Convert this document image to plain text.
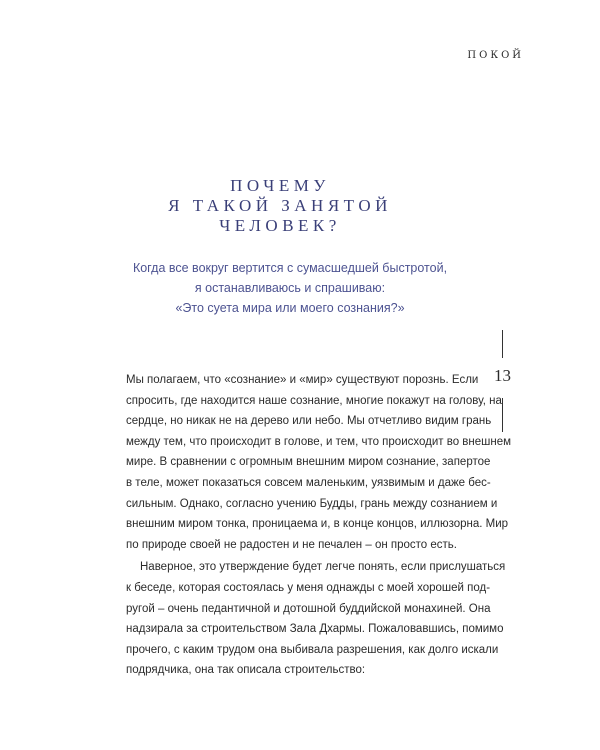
ПОКОЙ
ПОЧЕМУ
Я ТАКОЙ ЗАНЯТОЙ
ЧЕЛОВЕК?
Когда все вокруг вертится с сумасшедшей быстротой,
я останавливаюсь и спрашиваю:
«Это суета мира или моего сознания?»
13
Мы полагаем, что «сознание» и «мир» существуют порознь. Если
спросить, где находится наше сознание, многие покажут на голову, на
сердце, но никак не на дерево или небо. Мы отчетливо видим грань
между тем, что происходит в голове, и тем, что происходит во внешнем
мире. В сравнении с огромным внешним миром сознание, запертое
в теле, может показаться совсем маленьким, уязвимым и даже бес-
сильным. Однако, согласно учению Будды, грань между сознанием и
внешним миром тонка, проницаема и, в конце концов, иллюзорна. Мир
по природе своей не радостен и не печален – он просто есть.
Наверное, это утверждение будет легче понять, если прислушаться
к беседе, которая состоялась у меня однажды с моей хорошей под-
ругой – очень педантичной и дотошной буддийской монахиней. Она
надзирала за строительством Зала Дхармы. Пожаловавшись, помимо
прочего, с каким трудом она выбивала разрешения, как долго искали
подрядчика, она так описала строительство:
